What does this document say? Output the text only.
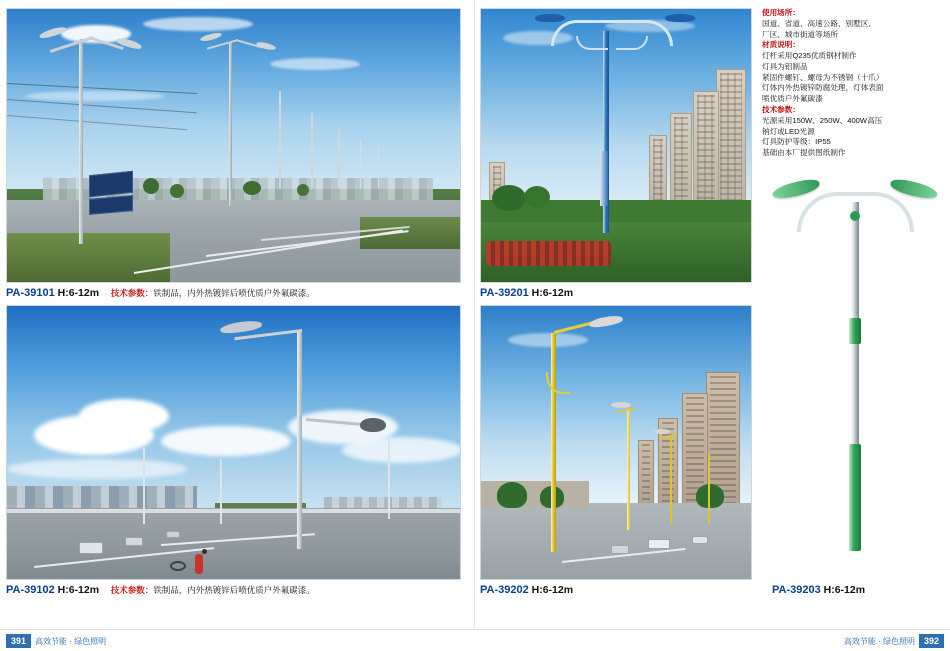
PA-39101 H:6-12m 技术参数：铁制品，内外热镀锌后喷优质户外氟碳漆。
PA-39102 H:6-12m 技术参数：铁制品，内外热镀锌后喷优质户外氟碳漆。
PA-39201 H:6-12m
PA-39202 H:6-12m	PA-39203 H:6-12m
使用场所：
国道、省道、高速公路、别墅区、
厂区、城市街道等场所
材质说明：
灯杆采用Q235优质钢材制作
灯具为铝制品
紧固件螺钉、螺母为不锈钢（十爪）
灯体内外热镀锌防腐处理，灯体表面
喷优质户外氟碳漆
技术参数：
光源采用150W、250W、400W高压
钠灯或LED光源
灯具防护等级：IP55
基础由本厂提供图纸制作
391	高效节能 · 绿色照明	高效节能 · 绿色照明	392
